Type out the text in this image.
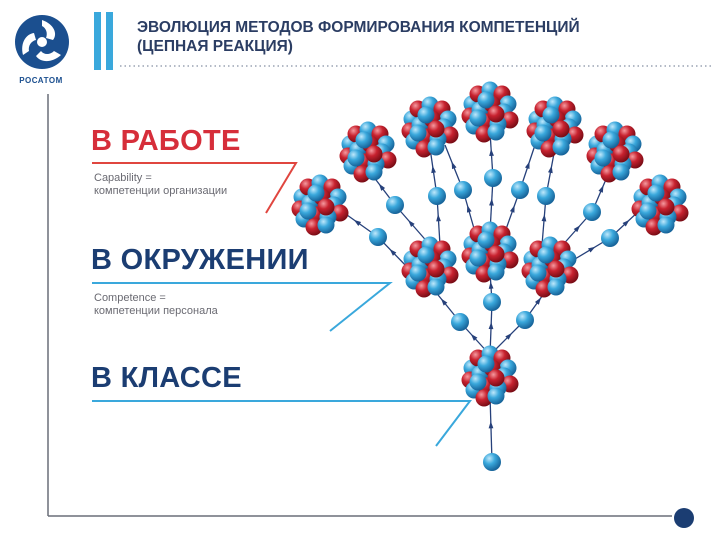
РОСАТОМ
ЭВОЛЮЦИЯ МЕТОДОВ ФОРМИРОВАНИЯ КОМПЕТЕНЦИЙ
(ЦЕПНАЯ РЕАКЦИЯ)
В РАБОТЕ
Capability =
компетенции организации
В ОКРУЖЕНИИ
Competence =
компетенции персонала
В КЛАССЕ
